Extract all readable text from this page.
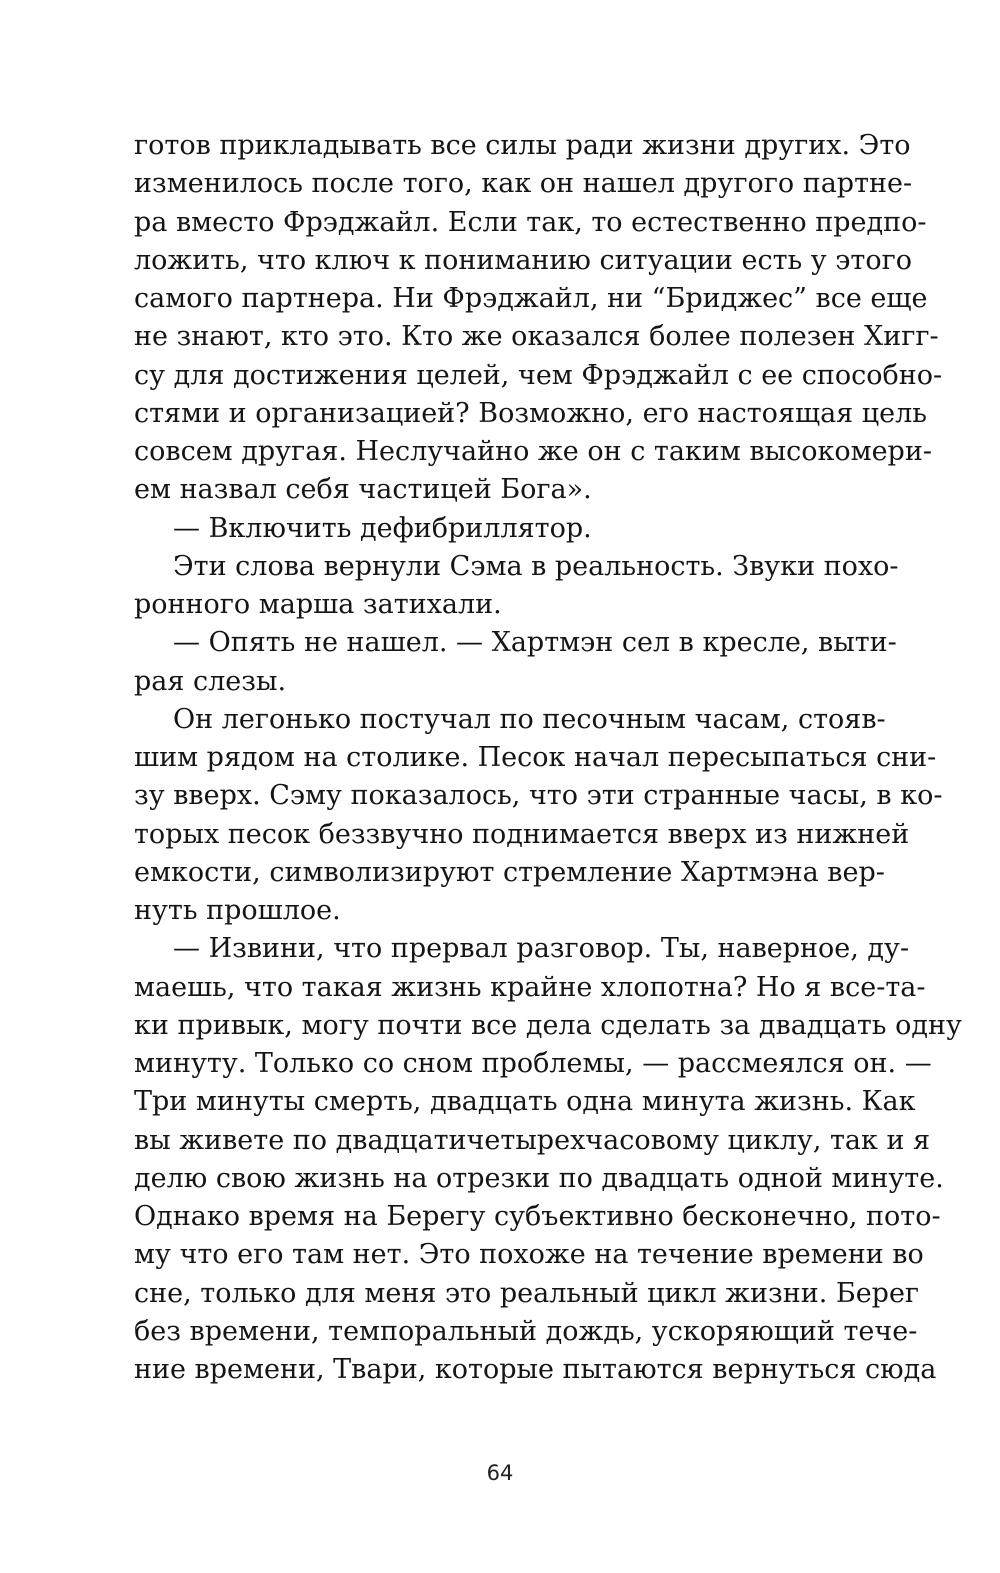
готов прикладывать все силы ради жизни других. Это
изменилось после того, как он нашел другого партне-
ра вместо Фрэджайл. Если так, то естественно предпо-
ложить, что ключ к пониманию ситуации есть у этого
самого партнера. Ни Фрэджайл, ни “Бриджес” все еще
не знают, кто это. Кто же оказался более полезен Хигг-
су для достижения целей, чем Фрэджайл с ее способно-
стями и организацией? Возможно, его настоящая цель
совсем другая. Неслучайно же он с таким высокомери-
ем назвал себя частицей Бога».
— Включить дефибриллятор.
Эти слова вернули Сэма в реальность. Звуки похо-
ронного марша затихали.
— Опять не нашел. — Хартмэн сел в кресле, выти-
рая слезы.
Он легонько постучал по песочным часам, стояв-
шим рядом на столике. Песок начал пересыпаться сни-
зу вверх. Сэму показалось, что эти странные часы, в ко-
торых песок беззвучно поднимается вверх из нижней
емкости, символизируют стремление Хартмэна вер-
нуть прошлое.
— Извини, что прервал разговор. Ты, наверное, ду-
маешь, что такая жизнь крайне хлопотна? Но я все-та-
ки привык, могу почти все дела сделать за двадцать одну
минуту. Только со сном проблемы, — рассмеялся он. —
Три минуты смерть, двадцать одна минута жизнь. Как
вы живете по двадцатичетырехчасовому циклу, так и я
делю свою жизнь на отрезки по двадцать одной минуте.
Однако время на Берегу субъективно бесконечно, пото-
му что его там нет. Это похоже на течение времени во
сне, только для меня это реальный цикл жизни. Берег
без времени, темпоральный дождь, ускоряющий тече-
ние времени, Твари, которые пытаются вернуться сюда
64
